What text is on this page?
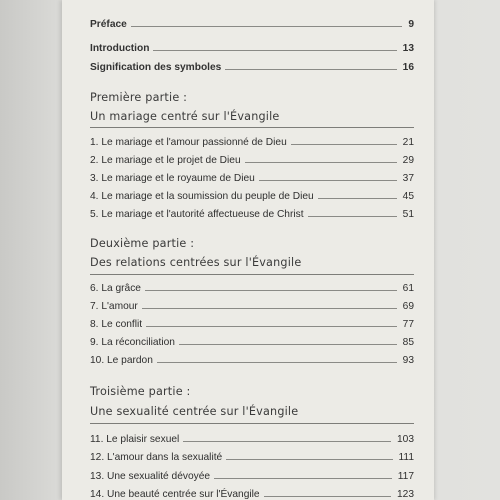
Préface	9
Introduction	13
Signification des symboles	16
Première partie :
Un mariage centré sur l'Évangile
1. Le mariage et l'amour passionné de Dieu	21
2. Le mariage et le projet de Dieu	29
3. Le mariage et le royaume de Dieu	37
4. Le mariage et la soumission du peuple de Dieu	45
5. Le mariage et l'autorité affectueuse de Christ	51
Deuxième partie :
Des relations centrées sur l'Évangile
6. La grâce	61
7. L'amour	69
8. Le conflit	77
9. La réconciliation	85
10. Le pardon	93
Troisième partie :
Une sexualité centrée sur l'Évangile
11. Le plaisir sexuel	103
12. L'amour dans la sexualité	111
13. Une sexualité dévoyée	117
14. Une beauté centrée sur l'Évangile	123
